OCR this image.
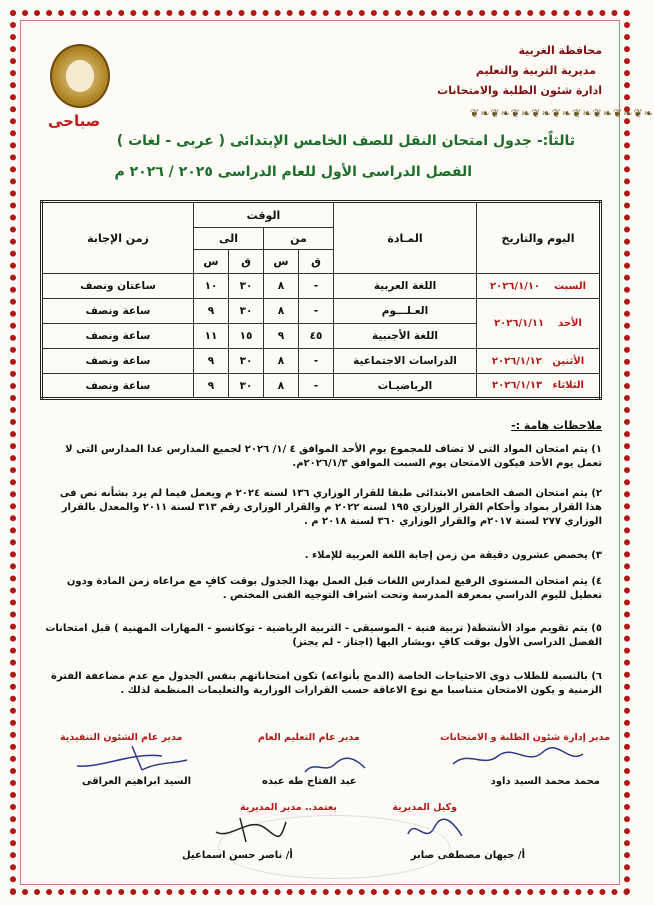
محافظة الغربية
مديرية التربية والتعليم
ادارة شئون الطلبة والامتحانات
❦❧❦❧❦❧❦❧❦❧❦❧❦❧❦❧❦❧
صباحى
ثالثاً:- جدول امتحان النقل للصف الخامس الإبتدائى ( عربى - لغات )
الفصل الدراسى الأول للعام الدراسى ٢٠٢٥ / ٢٠٢٦ م
اليوم والتاريخ	المـادة	الوقت				زمن الإجابة
		من		الى		
		ق	س	ق	س	
السبت    ٢٠٢٦/١/١٠	اللغة العربية	-	٨	٣٠	١٠	ساعتان ونصف
الأحد    ٢٠٢٦/١/١١	العـلـــوم	-	٨	٣٠	٩	ساعة ونصف
	اللغة الأجنبية	٤٥	٩	١٥	١١	ساعة ونصف
الأثنين   ٢٠٢٦/١/١٢	الدراسات الاجتماعية	-	٨	٣٠	٩	ساعة ونصف
الثلاثاء   ٢٠٢٦/١/١٣	الرياضيـات	-	٨	٣٠	٩	ساعة ونصف
ملاحظات هامة :-
١) يتم امتحان المواد التى لا تضاف للمجموع يوم الأحد الموافق ٤ /١/ ٢٠٢٦ لجميع المدارس عدا المدارس التى لا تعمل يوم الأحد فيكون الامتحان يوم السبت الموافق ٢٠٢٦/١/٣م.
٢) يتم امتحان الصف الخامس الابتدائى طبقا للقرار الوزاري ١٣٦ لسنه ٢٠٢٤ م ويعمل فيما لم يرد بشأنه نص فى هذا القرار بمواد وأحكام القرار الوزاري ١٩٥ لسنه ٢٠٢٢ م والقرار الوزارى رقم ٣١٣ لسنة ٢٠١١ والمعدل بالقرار الوزاري ٢٧٧ لسنة ٢٠١٧م والقرار الوزاري ٣٦٠ لسنة ٢٠١٨ م .
٣) يخصص عشرون دقيقة من زمن إجابة اللغة العربية للإملاء .
٤) يتم امتحان المستوى الرفيع لمدارس اللغات قبل العمل بهذا الجدول بوقت كافٍ مع مراعاه زمن المادة ودون تعطيل لليوم الدراسي بمعرفة المدرسة وتحت اشراف التوجيه الفنى المختص .
٥) يتم تقويم مواد الأنشطة( تربية فنية - الموسيقى - التربية الرياضية - توكاتسو - المهارات المهنية ) قبل امتحانات الفصل الدراسى الأول بوقت كافٍ ،ويشار اليها (اجتاز - لم يجتز)
٦) بالنسبة للطلاب ذوى الاحتياجات الخاصة (الدمج بأنواعه) تكون امتحاناتهم بنفس الجدول مع عدم مضاعفة الفترة الزمنية و يكون الامتحان متناسبا مع نوع الاعاقة حسب القرارات الوزارية والتعليمات المنظمة لذلك .
مدير إدارة شئون الطلبة و الامتحانات
محمد محمد السيد داود
مدير عام التعليم العام
عبد الفتاح طه عبده
مدير عام الشئون التنفيذية
السيد ابراهيم العراقى
وكيل المديرية
أ/ جيهان مصطفى صابر
يعتمد.. مدير المديرية
أ/ ناصر حسن اسماعيل
